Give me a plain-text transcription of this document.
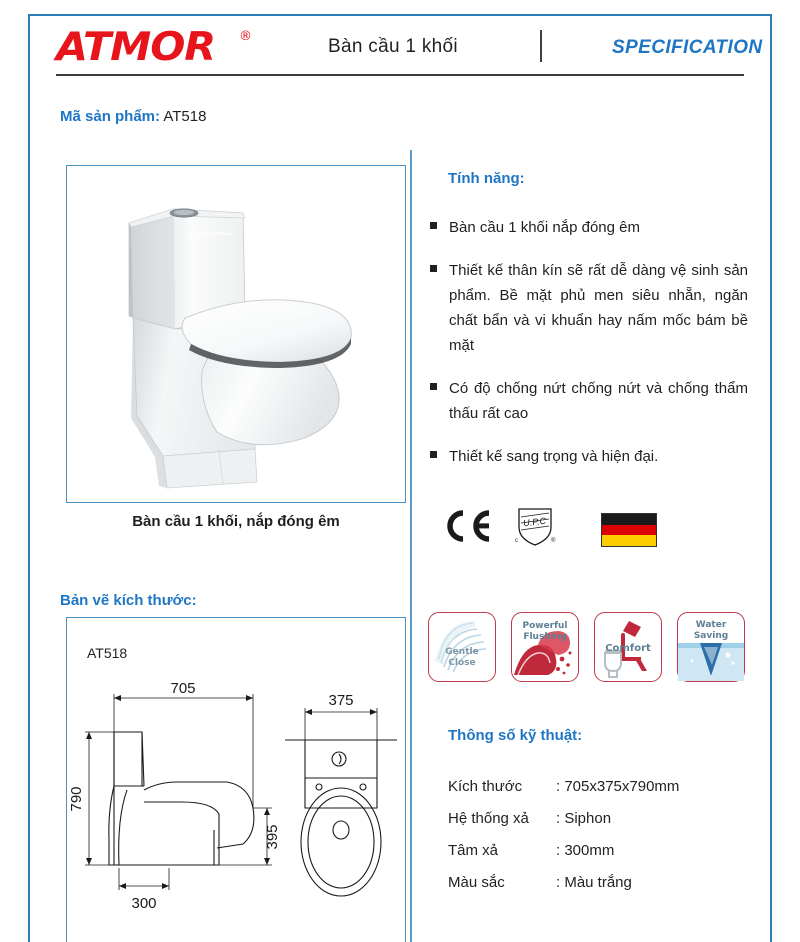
ATMOR	®	Bàn cầu 1 khối	SPECIFICATION
Mã sản phẩm: AT518
Bàn cầu 1 khối, nắp đóng êm
Bản vẽ kích thước:
AT518
705
790
395
300
375
Tính năng:
Bàn cầu 1 khối nắp đóng êm
Thiết kế thân kín sẽ rất dễ dàng vệ sinh sản phẩm. Bề mặt phủ men siêu nhẵn, ngăn chất bẩn và vi khuẩn hay nấm mốc bám bề mặt
Có độ chống nứt chống nứt và chống thẩm thấu rất cao
Thiết kế sang trọng và hiện đại.
U.P.C
c	®
Gentle
Close
Powerful
Flushing
Comfort
Water
Saving
Thông số kỹ thuật:
Kích thước	: 705x375x790mm
Hệ thống xả	: Siphon
Tâm xả	: 300mm
Màu sắc	: Màu trắng
